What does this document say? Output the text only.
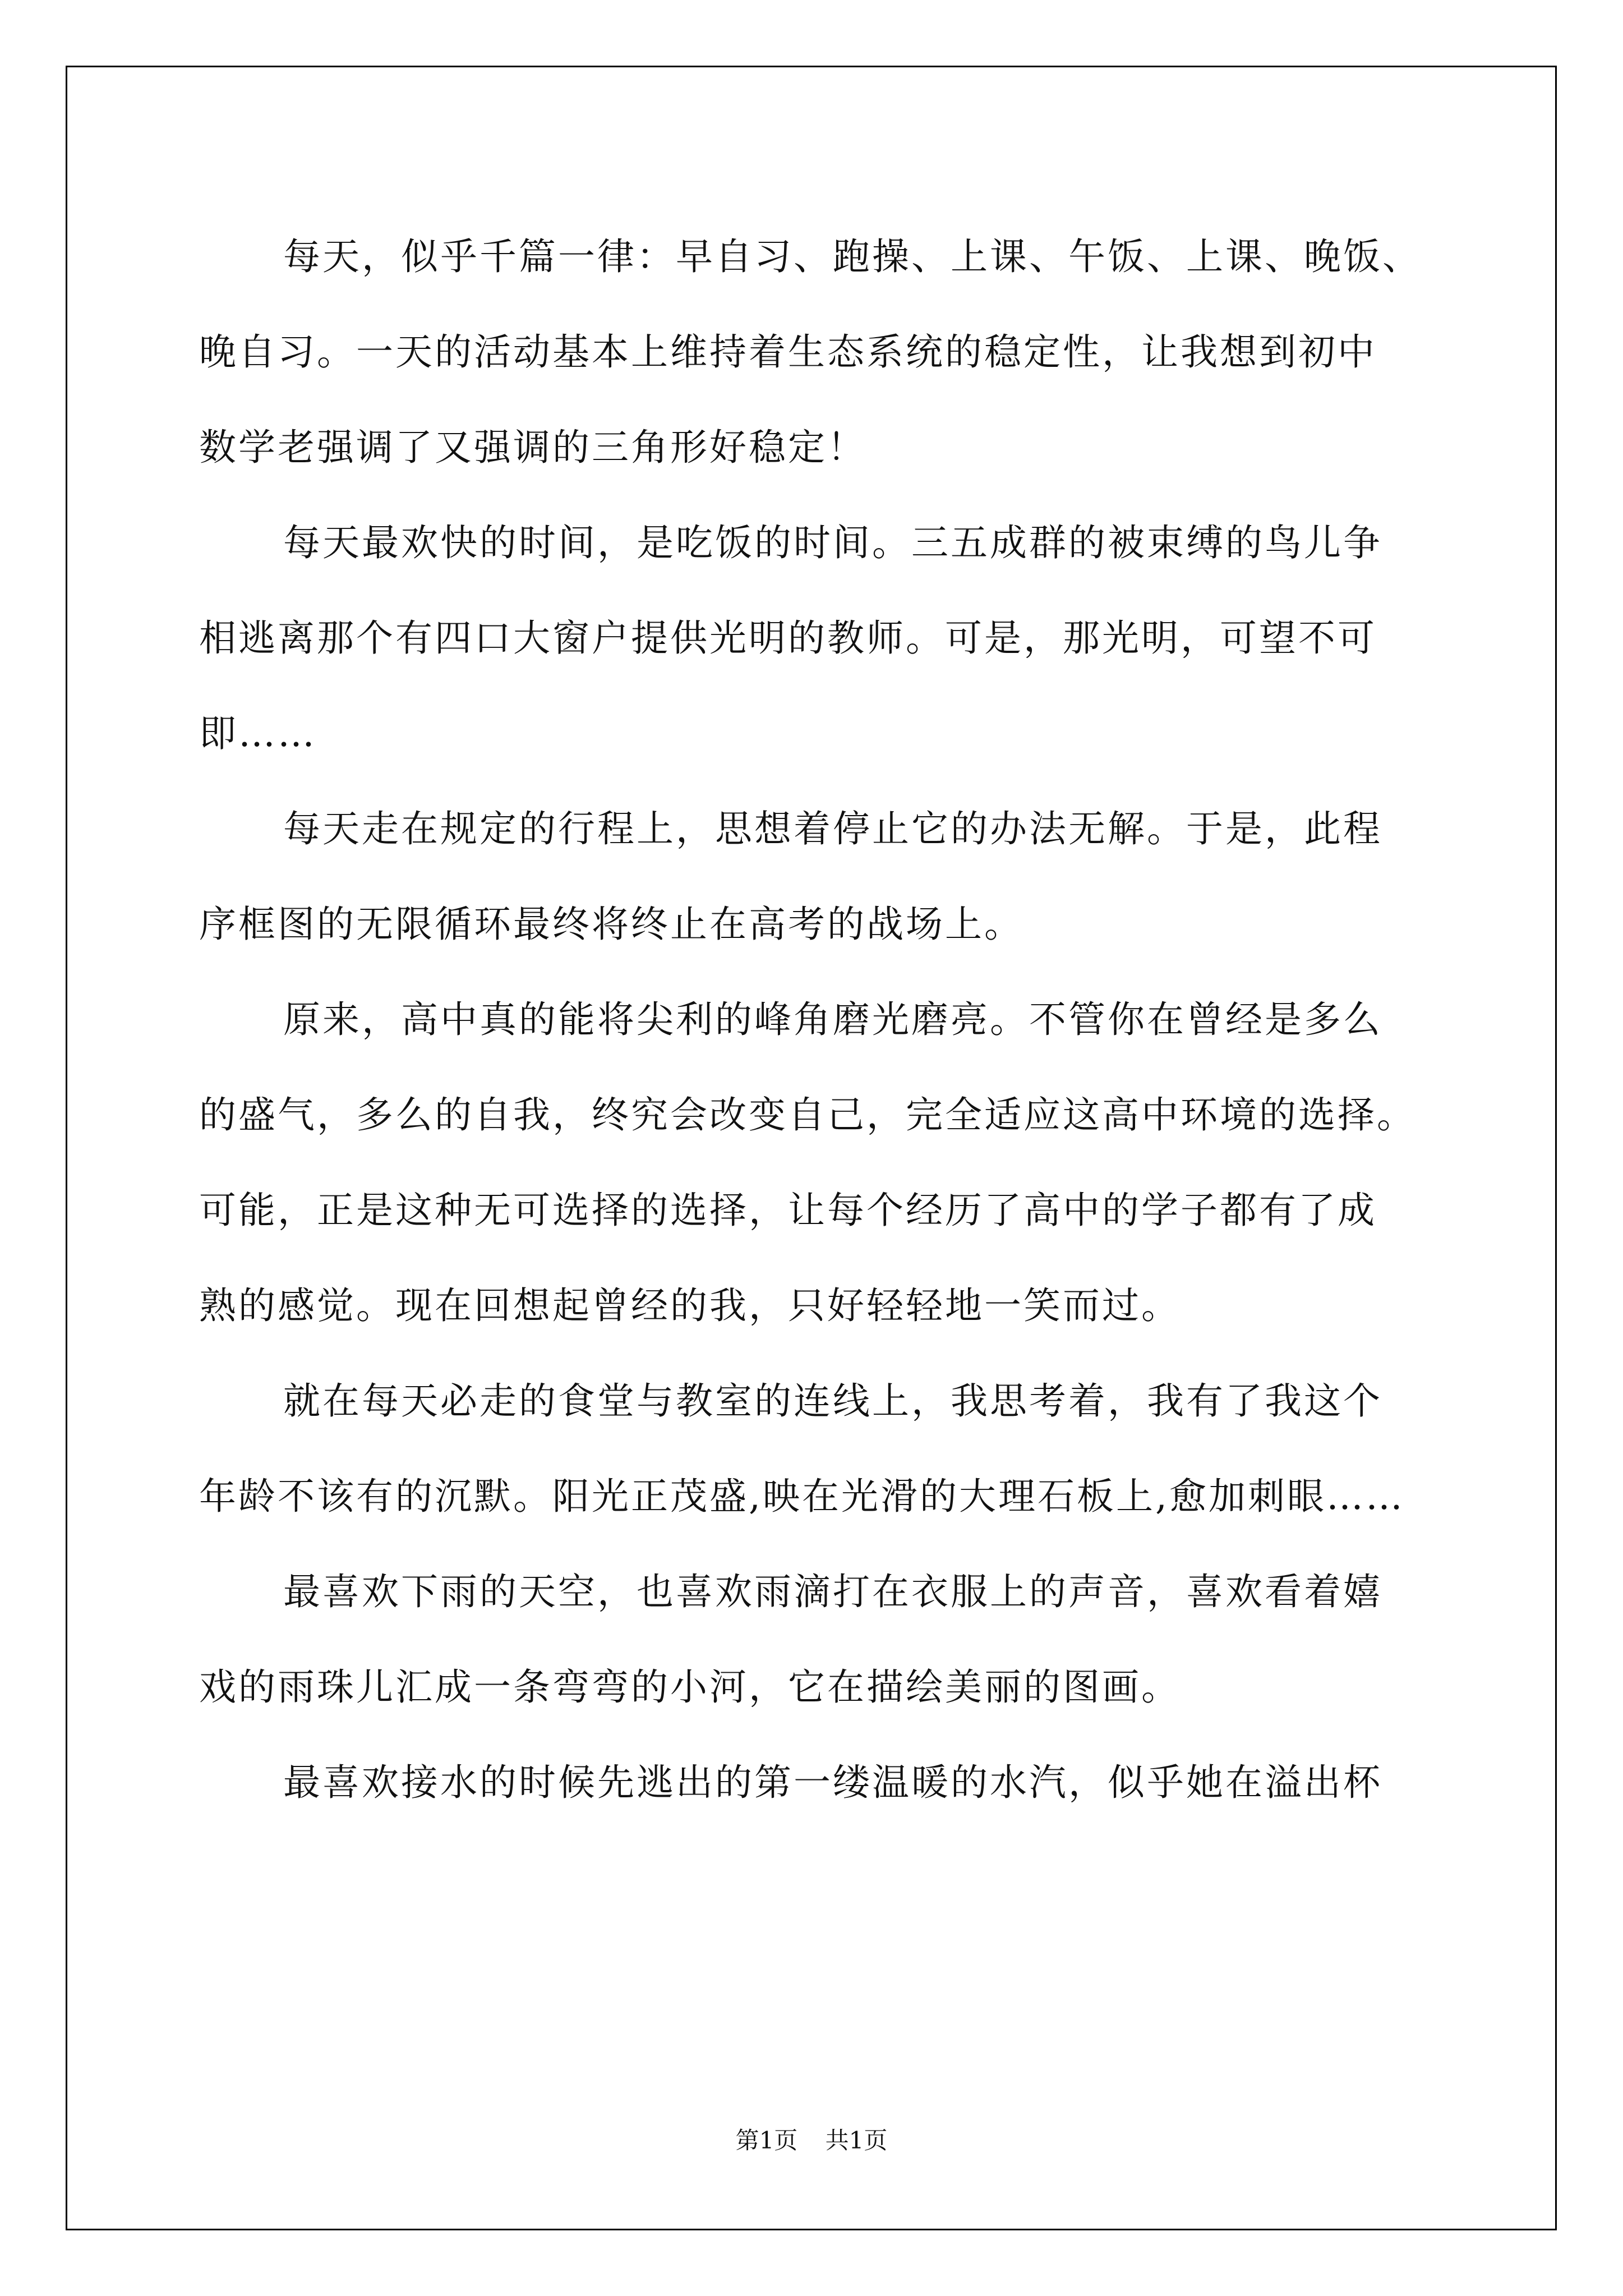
每天，似乎千篇一律：早自习、跑操、上课、午饭、上课、晚饭、
晚自习。一天的活动基本上维持着生态系统的稳定性，让我想到初中
数学老强调了又强调的三角形好稳定！
每天最欢快的时间，是吃饭的时间。三五成群的被束缚的鸟儿争
相逃离那个有四口大窗户提供光明的教师。可是，那光明，可望不可
即……
每天走在规定的行程上，思想着停止它的办法无解。于是，此程
序框图的无限循环最终将终止在高考的战场上。
原来，高中真的能将尖利的峰角磨光磨亮。不管你在曾经是多么
的盛气，多么的自我，终究会改变自己，完全适应这高中环境的选择。
可能，正是这种无可选择的选择，让每个经历了高中的学子都有了成
熟的感觉。现在回想起曾经的我，只好轻轻地一笑而过。
就在每天必走的食堂与教室的连线上，我思考着，我有了我这个
年龄不该有的沉默。阳光正茂盛,映在光滑的大理石板上,愈加刺眼……
最喜欢下雨的天空，也喜欢雨滴打在衣服上的声音，喜欢看着嬉
戏的雨珠儿汇成一条弯弯的小河，它在描绘美丽的图画。
最喜欢接水的时候先逃出的第一缕温暖的水汽，似乎她在溢出杯
第1页 共1页
